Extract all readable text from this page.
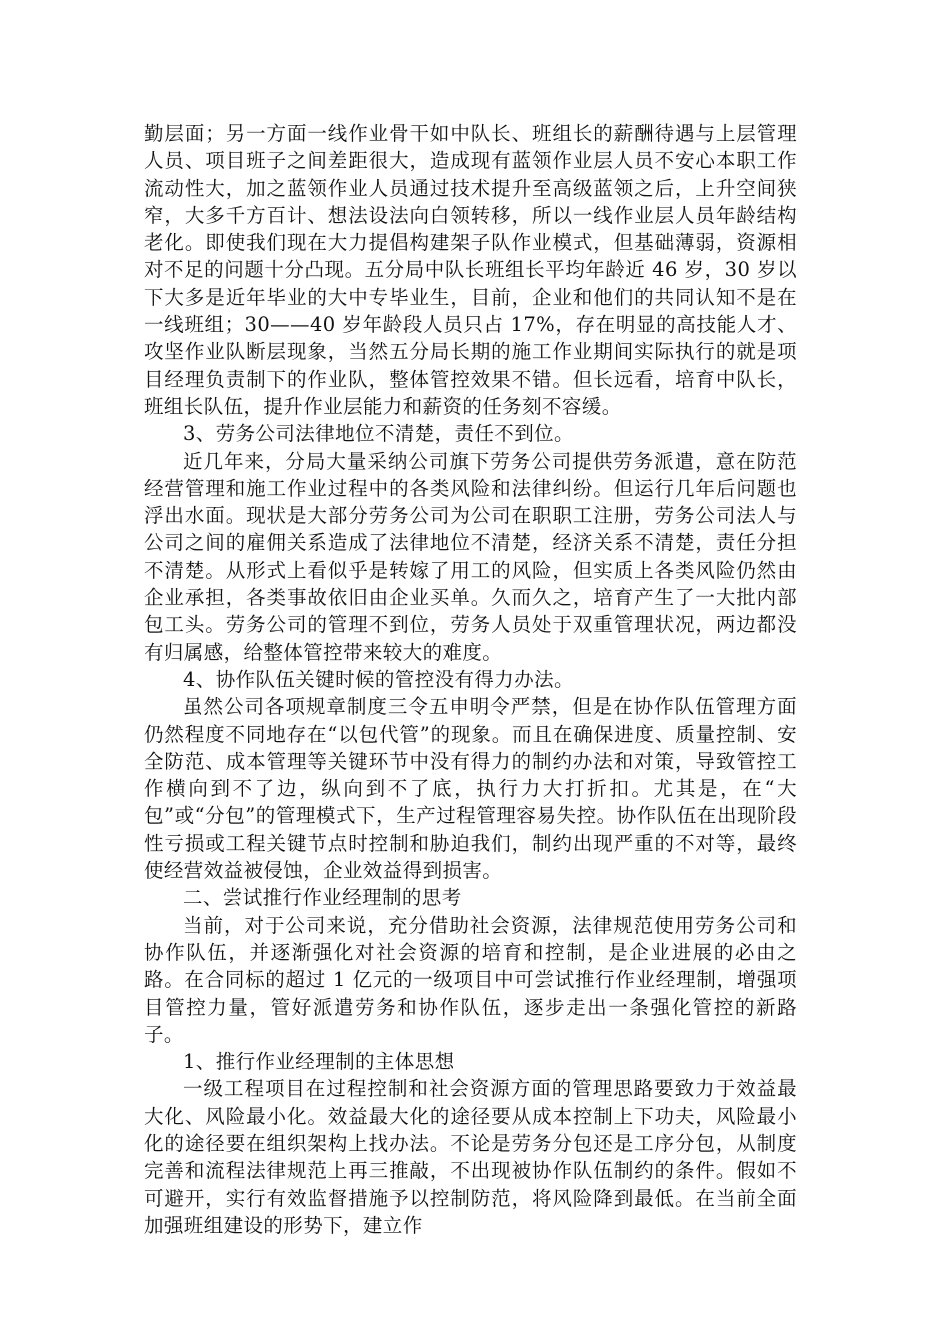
勤层面；另一方面一线作业骨干如中队长、班组长的薪酬待遇与上层管理人员、项目班子之间差距很大，造成现有蓝领作业层人员不安心本职工作流动性大，加之蓝领作业人员通过技术提升至高级蓝领之后，上升空间狭窄，大多千方百计、想法设法向白领转移，所以一线作业层人员年龄结构老化。即使我们现在大力提倡构建架子队作业模式，但基础薄弱，资源相对不足的问题十分凸现。五分局中队长班组长平均年龄近 46 岁，30 岁以下大多是近年毕业的大中专毕业生，目前，企业和他们的共同认知不是在一线班组；30——40 岁年龄段人员只占 17%，存在明显的高技能人才、攻坚作业队断层现象，当然五分局长期的施工作业期间实际执行的就是项目经理负责制下的作业队，整体管控效果不错。但长远看，培育中队长，班组长队伍，提升作业层能力和薪资的任务刻不容缓。

3、劳务公司法律地位不清楚，责任不到位。

近几年来，分局大量采纳公司旗下劳务公司提供劳务派遣，意在防范经营管理和施工作业过程中的各类风险和法律纠纷。但运行几年后问题也浮出水面。现状是大部分劳务公司为公司在职职工注册，劳务公司法人与公司之间的雇佣关系造成了法律地位不清楚，经济关系不清楚，责任分担不清楚。从形式上看似乎是转嫁了用工的风险，但实质上各类风险仍然由企业承担，各类事故依旧由企业买单。久而久之，培育产生了一大批内部包工头。劳务公司的管理不到位，劳务人员处于双重管理状况，两边都没有归属感，给整体管控带来较大的难度。

4、协作队伍关键时候的管控没有得力办法。

虽然公司各项规章制度三令五申明令严禁，但是在协作队伍管理方面仍然程度不同地存在“以包代管”的现象。而且在确保进度、质量控制、安全防范、成本管理等关键环节中没有得力的制约办法和对策，导致管控工作横向到不了边，纵向到不了底，执行力大打折扣。尤其是，在“大包”或“分包”的管理模式下，生产过程管理容易失控。协作队伍在出现阶段性亏损或工程关键节点时控制和胁迫我们，制约出现严重的不对等，最终使经营效益被侵蚀，企业效益得到损害。

二、尝试推行作业经理制的思考

当前，对于公司来说，充分借助社会资源，法律规范使用劳务公司和协作队伍，并逐渐强化对社会资源的培育和控制，是企业进展的必由之路。在合同标的超过 1 亿元的一级项目中可尝试推行作业经理制，增强项目管控力量，管好派遣劳务和协作队伍，逐步走出一条强化管控的新路子。

1、推行作业经理制的主体思想

一级工程项目在过程控制和社会资源方面的管理思路要致力于效益最大化、风险最小化。效益最大化的途径要从成本控制上下功夫，风险最小化的途径要在组织架构上找办法。不论是劳务分包还是工序分包，从制度完善和流程法律规范上再三推敲，不出现被协作队伍制约的条件。假如不可避开，实行有效监督措施予以控制防范，将风险降到最低。在当前全面加强班组建设的形势下，建立作
